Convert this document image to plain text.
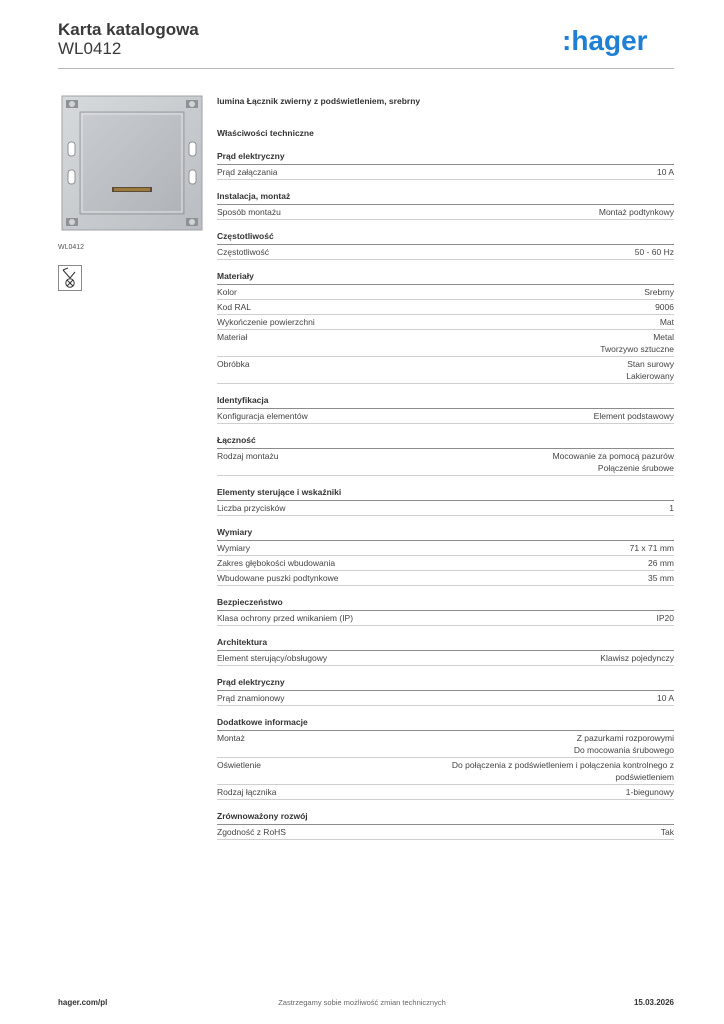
Karta katalogowa
WL0412	:hager
WL0412
lumina Łącznik zwierny z podświetleniem, srebrny
Właściwości techniczne
Prąd elektryczny
Prąd załączania	10 A
Instalacja, montaż
Sposób montażu	Montaż podtynkowy
Częstotliwość
Częstotliwość	50 - 60 Hz
Materiały
Kolor	Srebrny
Kod RAL	9006
Wykończenie powierzchni	Mat
Materiał	Metal
Tworzywo sztuczne
Obróbka	Stan surowy
Lakierowany
Identyfikacja
Konfiguracja elementów	Element podstawowy
Łączność
Rodzaj montażu	Mocowanie za pomocą pazurów
Połączenie śrubowe
Elementy sterujące i wskaźniki
Liczba przycisków	1
Wymiary
Wymiary	71 x 71 mm
Zakres głębokości wbudowania	26 mm
Wbudowane puszki podtynkowe	35 mm
Bezpieczeństwo
Klasa ochrony przed wnikaniem (IP)	IP20
Architektura
Element sterujący/obsługowy	Klawisz pojedynczy
Prąd elektryczny
Prąd znamionowy	10 A
Dodatkowe informacje
Montaż	Z pazurkami rozporowymi
Do mocowania śrubowego
Oświetlenie	Do połączenia z podświetleniem i połączenia kontrolnego z
podświetleniem
Rodzaj łącznika	1-biegunowy
Zrównoważony rozwój
Zgodność z RoHS	Tak
hager.com/pl	Zastrzegamy sobie możliwość zmian technicznych	15.03.2026
